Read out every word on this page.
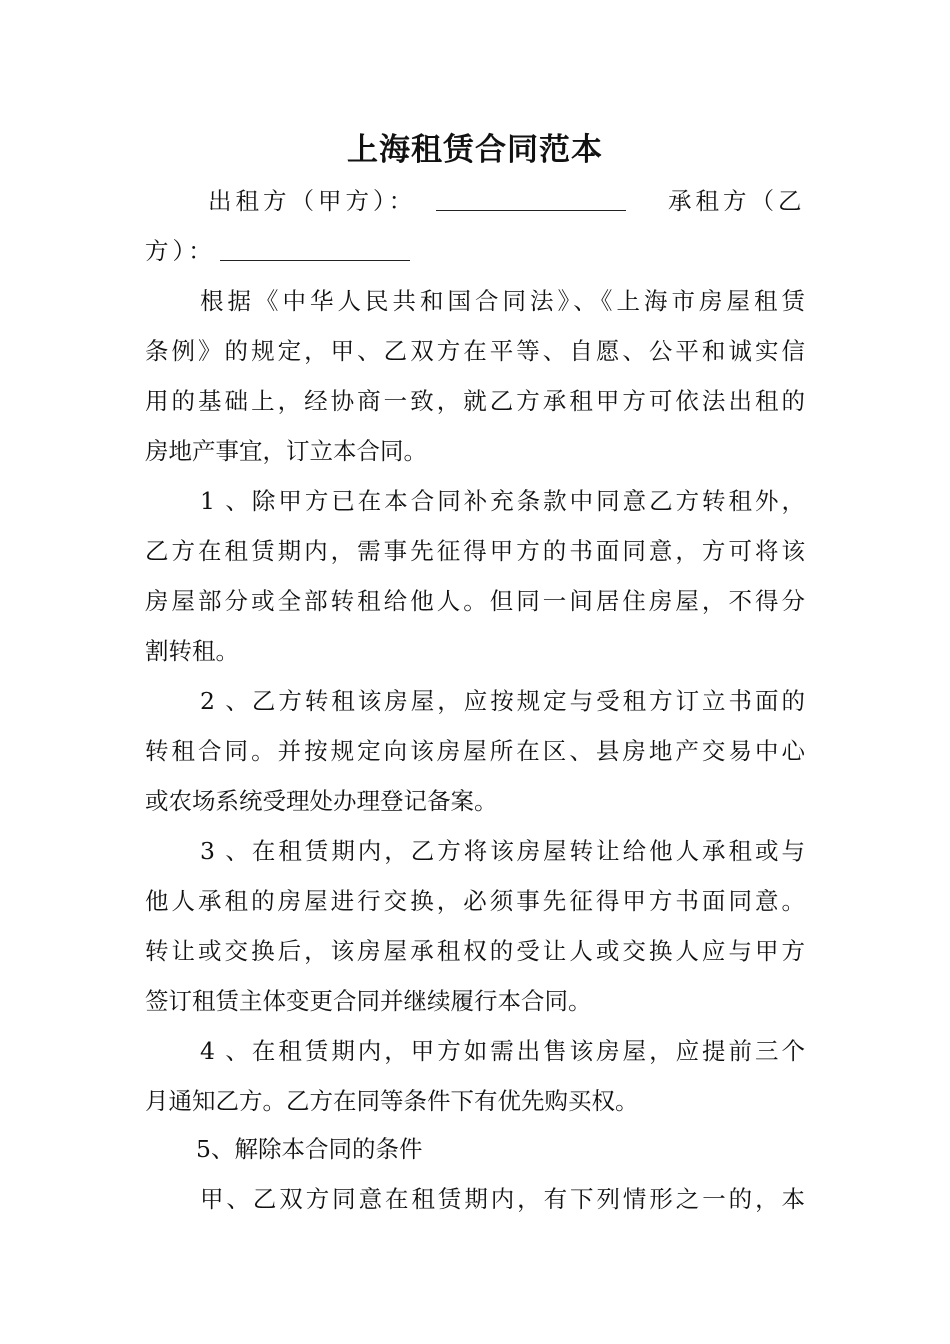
上海租赁合同范本
出租方（甲方）：	承租方（乙
方）：
根据《中华人民共和国合同法》、《上海市房屋租赁
条例》的规定，甲、乙双方在平等、自愿、公平和诚实信
用的基础上，经协商一致，就乙方承租甲方可依法出租的
房地产事宜，订立本合同。
1 、除甲方已在本合同补充条款中同意乙方转租外，
乙方在租赁期内，需事先征得甲方的书面同意，方可将该
房屋部分或全部转租给他人。但同一间居住房屋，不得分
割转租。
2 、乙方转租该房屋，应按规定与受租方订立书面的
转租合同。并按规定向该房屋所在区、县房地产交易中心
或农场系统受理处办理登记备案。
3 、在租赁期内，乙方将该房屋转让给他人承租或与
他人承租的房屋进行交换，必须事先征得甲方书面同意。
转让或交换后，该房屋承租权的受让人或交换人应与甲方
签订租赁主体变更合同并继续履行本合同。
4 、在租赁期内，甲方如需出售该房屋，应提前三个
月通知乙方。乙方在同等条件下有优先购买权。
5、解除本合同的条件
甲、乙双方同意在租赁期内，有下列情形之一的，本
